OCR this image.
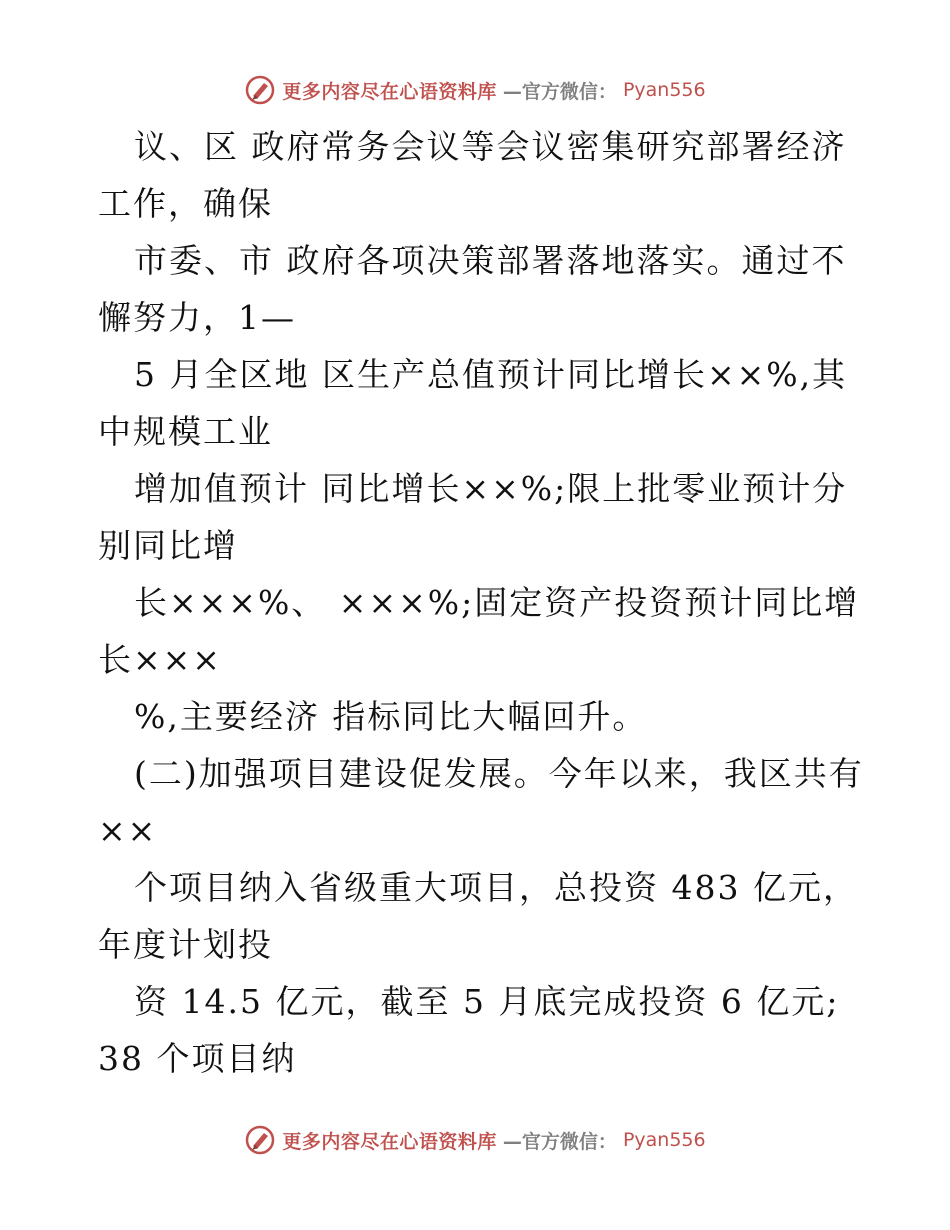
更多内容尽在心语资料库 —官方微信： Pyan556
议、区 政府常务会议等会议密集研究部署经济
工作，确保
市委、市 政府各项决策部署落地落实。通过不
懈努力，1—
5 月全区地 区生产总值预计同比增长××%,其
中规模工业
增加值预计 同比增长××%;限上批零业预计分
别同比增
长×××%、 ×××%;固定资产投资预计同比增
长×××
%,主要经济 指标同比大幅回升。
(二)加强项目建设促发展。今年以来，我区共有
××
个项目纳入省级重大项目，总投资 483 亿元，
年度计划投
资 14.5 亿元，截至 5 月底完成投资 6 亿元;
38 个项目纳
更多内容尽在心语资料库 —官方微信： Pyan556
